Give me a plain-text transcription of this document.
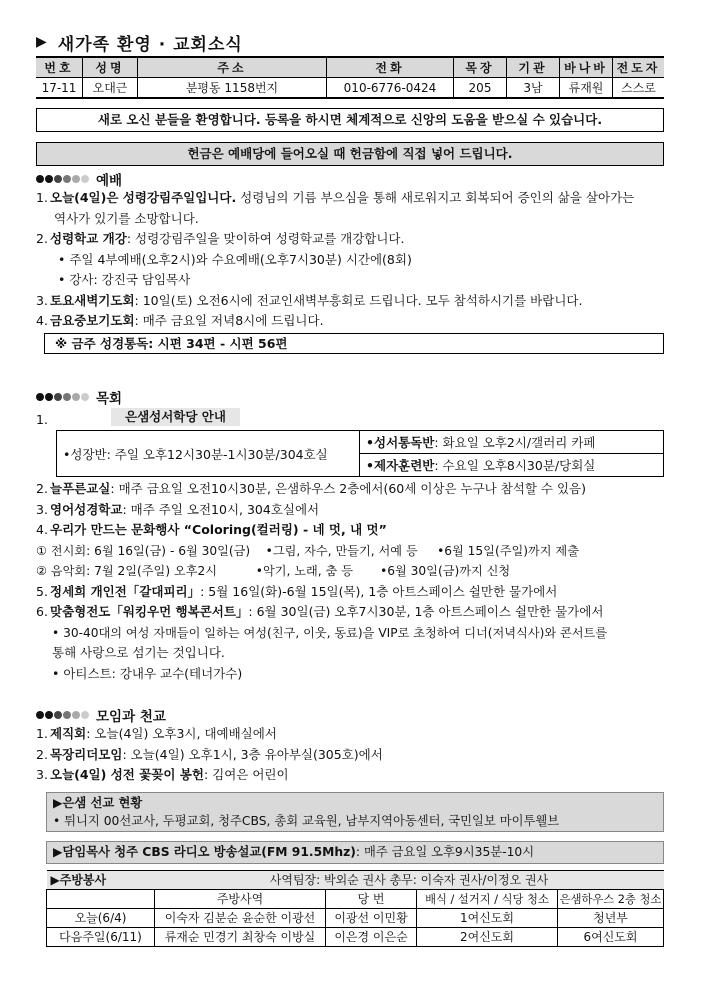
▶ 새가족 환영 · 교회소식
번호	성명	주소	전화	목장	기관	바나바	전도자
17-11	오대근	분평동 1158번지	010-6776-0424	205	3남	류재원	스스로
새로 오신 분들을 환영합니다. 등록을 하시면 체계적으로 신앙의 도움을 받으실 수 있습니다.
헌금은 예배당에 들어오실 때 헌금함에 직접 넣어 드립니다.
예배
1. 오늘(4일)은 성령강림주일입니다. 성령님의 기름 부으심을 통해 새로워지고 회복되어 증인의 삶을 살아가는
역사가 있기를 소망합니다.
2. 성령학교 개강: 성령강림주일을 맞이하여 성령학교를 개강합니다.
• 주일 4부예배(오후2시)와 수요예배(오후7시30분) 시간에(8회)
• 강사: 강진국 담임목사
3. 토요새벽기도회: 10일(토) 오전6시에 전교인새벽부흥회로 드립니다. 모두 참석하시기를 바랍니다.
4. 금요중보기도회: 매주 금요일 저녁8시에 드립니다.
※ 금주 성경통독: 시편 34편 - 시편 56편
목회
1.	은샘성서학당 안내
•성장반: 주일 오후12시30분-1시30분/304호실	•성서통독반: 화요일 오후2시/갤러리 카페
•제자훈련반: 수요일 오후8시30분/당회실
2. 늘푸른교실: 매주 금요일 오전10시30분, 은샘하우스 2층에서(60세 이상은 누구나 참석할 수 있음)
3. 영어성경학교: 매주 주일 오전10시, 304호실에서
4. 우리가 만드는 문화행사 “Coloring(컬러링) - 네 멋, 내 멋”
① 전시회: 6월 16일(금) - 6월 30일(금)    •그림, 자수, 만들기, 서예 등     •6월 15일(주일)까지 제출
② 음악회: 7월 2일(주일) 오후2시          •악기, 노래, 춤 등       •6월 30일(금)까지 신청
5. 정세희 개인전「갈대피리」: 5월 16일(화)-6월 15일(목), 1층 아트스페이스 쉴만한 물가에서
6. 맞춤형전도「워킹우먼 행복콘서트」: 6월 30일(금) 오후7시30분, 1층 아트스페이스 쉴만한 물가에서
• 30-40대의 여성 자매들이 일하는 여성(친구, 이웃, 동료)을 VIP로 초청하여 디너(저녁식사)와 콘서트를
통해 사랑으로 섬기는 것입니다.
• 아티스트: 강내우 교수(테너가수)
모임과 천교
1. 제직회: 오늘(4일) 오후3시, 대예배실에서
2. 목장리더모임: 오늘(4일) 오후1시, 3층 유아부실(305호)에서
3. 오늘(4일) 성전 꽃꽂이 봉헌: 김여은 어린이
▶은샘 선교 현황
• 튀니지 00선교사, 두평교회, 청주CBS, 총회 교육원, 남부지역아동센터, 국민일보 마이투웰브
▶담임목사 청주 CBS 라디오 방송설교(FM 91.5Mhz): 매주 금요일 오후9시35분-10시
▶주방봉사	사역팀장: 박외순 권사 총무: 이숙자 권사/이정오 권사			
	주방사역	당 번	배식 / 설거지 / 식당 청소	은샘하우스 2층 청소
오늘(6/4)	이숙자 김분순 윤순한 이광선	이광선 이민황	1여신도회	청년부
다음주일(6/11)	류재순 민경기 최창숙 이방실	이은경 이은순	2여신도회	6여신도회
